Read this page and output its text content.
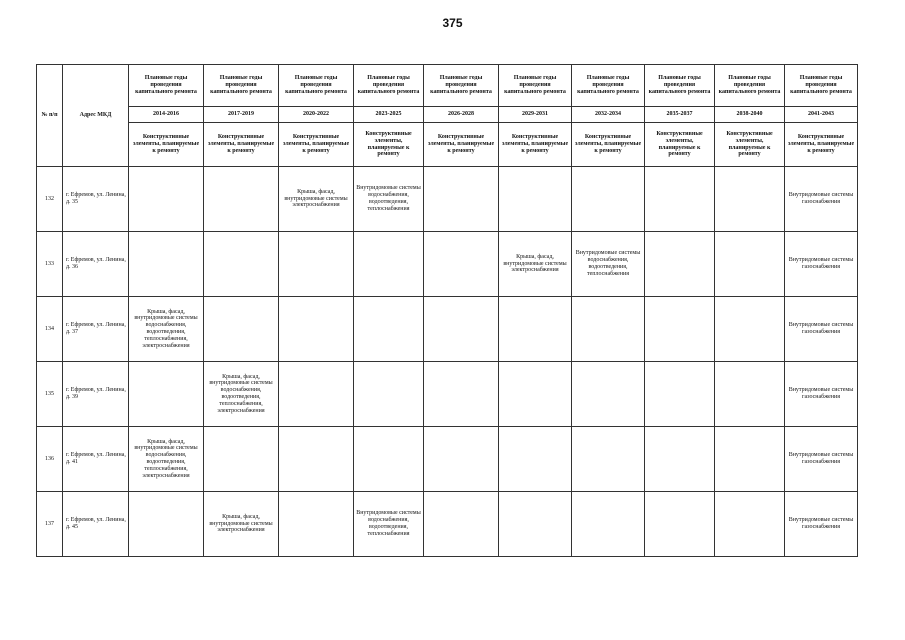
375
№ п/п	Адрес МКД	Плановые годы проведения капитального ремонта	Плановые годы проведения капитального ремонта	Плановые годы проведения капитального ремонта	Плановые годы проведения капитального ремонта	Плановые годы проведения капитального ремонта	Плановые годы проведения капитального ремонта	Плановые годы проведения капитального ремонта	Плановые годы проведения капитального ремонта	Плановые годы проведения капитального ремонта	Плановые годы проведения капитального ремонта
		2014-2016	2017-2019	2020-2022	2023-2025	2026-2028	2029-2031	2032-2034	2035-2037	2038-2040	2041-2043
		Конструктивные элементы, планируемые к ремонту	Конструктивные элементы, планируемые к ремонту	Конструктивные элементы, планируемые к ремонту	Конструктивные элементы, планируемые к ремонту	Конструктивные элементы, планируемые к ремонту	Конструктивные элементы, планируемые к ремонту	Конструктивные элементы, планируемые к ремонту	Конструктивные элементы, планируемые к ремонту	Конструктивные элементы, планируемые к ремонту	Конструктивные элементы, планируемые к ремонту
132	г. Ефремов, ул. Ленина, д. 35			Крыша, фасад, внутридомовые системы электроснабжения	Внутридомовые системы водоснабжения, водоотведения, теплоснабжения						Внутридомовые системы газоснабжения
133	г. Ефремов, ул. Ленина, д. 36						Крыша, фасад, внутридомовые системы электроснабжения	Внутридомовые системы водоснабжения, водоотведения, теплоснабжения			Внутридомовые системы газоснабжения
134	г. Ефремов, ул. Ленина, д. 37	Крыша, фасад, внутридомовые системы водоснабжения, водоотведения, теплоснабжения, электроснабжения									Внутридомовые системы газоснабжения
135	г. Ефремов, ул. Ленина, д. 39		Крыша, фасад, внутридомовые системы водоснабжения, водоотведения, теплоснабжения, электроснабжения								Внутридомовые системы газоснабжения
136	г. Ефремов, ул. Ленина, д. 41	Крыша, фасад, внутридомовые системы водоснабжения, водоотведения, теплоснабжения, электроснабжения									Внутридомовые системы газоснабжения
137	г. Ефремов, ул. Ленина, д. 45		Крыша, фасад, внутридомовые системы электроснабжения		Внутридомовые системы водоснабжения, водоотведения, теплоснабжения						Внутридомовые системы газоснабжения
